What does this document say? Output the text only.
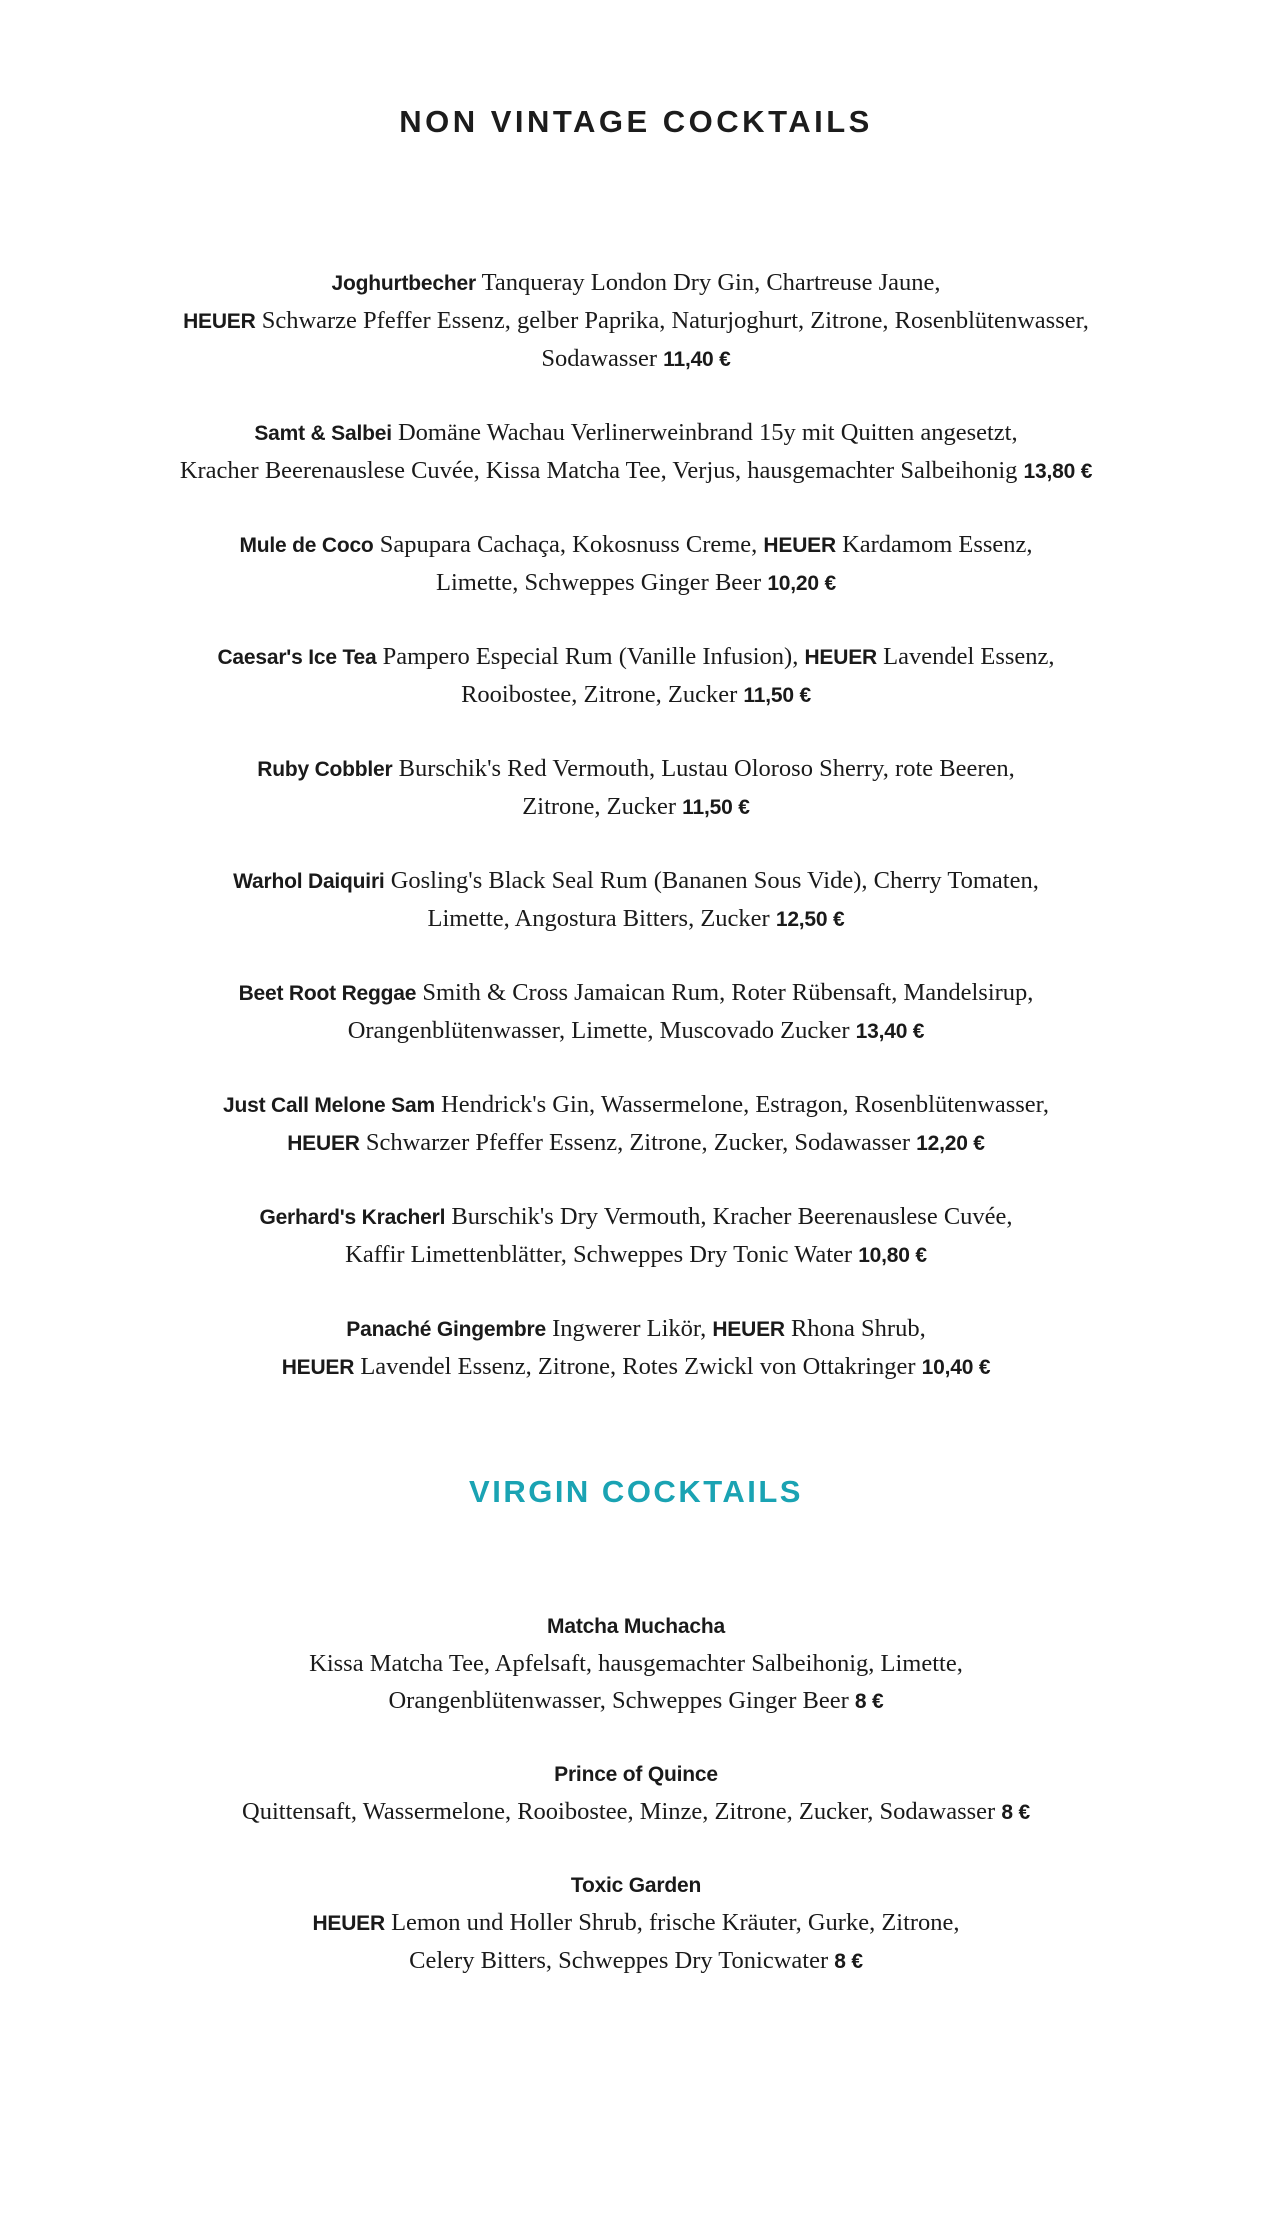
NON VINTAGE COCKTAILS
Joghurtbecher Tanqueray London Dry Gin, Chartreuse Jaune,
HEUER Schwarze Pfeffer Essenz, gelber Paprika, Naturjoghurt, Zitrone, Rosenblütenwasser,
Sodawasser 11,40 €
Samt & Salbei Domäne Wachau Verlinerweinbrand 15y mit Quitten angesetzt,
Kracher Beerenauslese Cuvée, Kissa Matcha Tee, Verjus, hausgemachter Salbeihonig 13,80 €
Mule de Coco Sapupara Cachaça, Kokosnuss Creme, HEUER Kardamom Essenz,
Limette, Schweppes Ginger Beer 10,20 €
Caesar's Ice Tea Pampero Especial Rum (Vanille Infusion), HEUER Lavendel Essenz,
Rooibostee, Zitrone, Zucker 11,50 €
Ruby Cobbler Burschik's Red Vermouth, Lustau Oloroso Sherry, rote Beeren,
Zitrone, Zucker 11,50 €
Warhol Daiquiri Gosling's Black Seal Rum (Bananen Sous Vide), Cherry Tomaten,
Limette, Angostura Bitters, Zucker 12,50 €
Beet Root Reggae Smith & Cross Jamaican Rum, Roter Rübensaft, Mandelsirup,
Orangenblütenwasser, Limette, Muscovado Zucker 13,40 €
Just Call Melone Sam Hendrick's Gin, Wassermelone, Estragon, Rosenblütenwasser,
HEUER Schwarzer Pfeffer Essenz, Zitrone, Zucker, Sodawasser 12,20 €
Gerhard's Kracherl Burschik's Dry Vermouth, Kracher Beerenauslese Cuvée,
Kaffir Limettenblätter, Schweppes Dry Tonic Water 10,80 €
Panaché Gingembre Ingwerer Likör, HEUER Rhona Shrub,
HEUER Lavendel Essenz, Zitrone, Rotes Zwickl von Ottakringer 10,40 €
VIRGIN COCKTAILS
Matcha Muchacha
Kissa Matcha Tee, Apfelsaft, hausgemachter Salbeihonig, Limette,
Orangenblütenwasser, Schweppes Ginger Beer 8 €
Prince of Quince
Quittensaft, Wassermelone, Rooibostee, Minze, Zitrone, Zucker, Sodawasser 8 €
Toxic Garden
HEUER Lemon und Holler Shrub, frische Kräuter, Gurke, Zitrone,
Celery Bitters, Schweppes Dry Tonicwater 8 €
